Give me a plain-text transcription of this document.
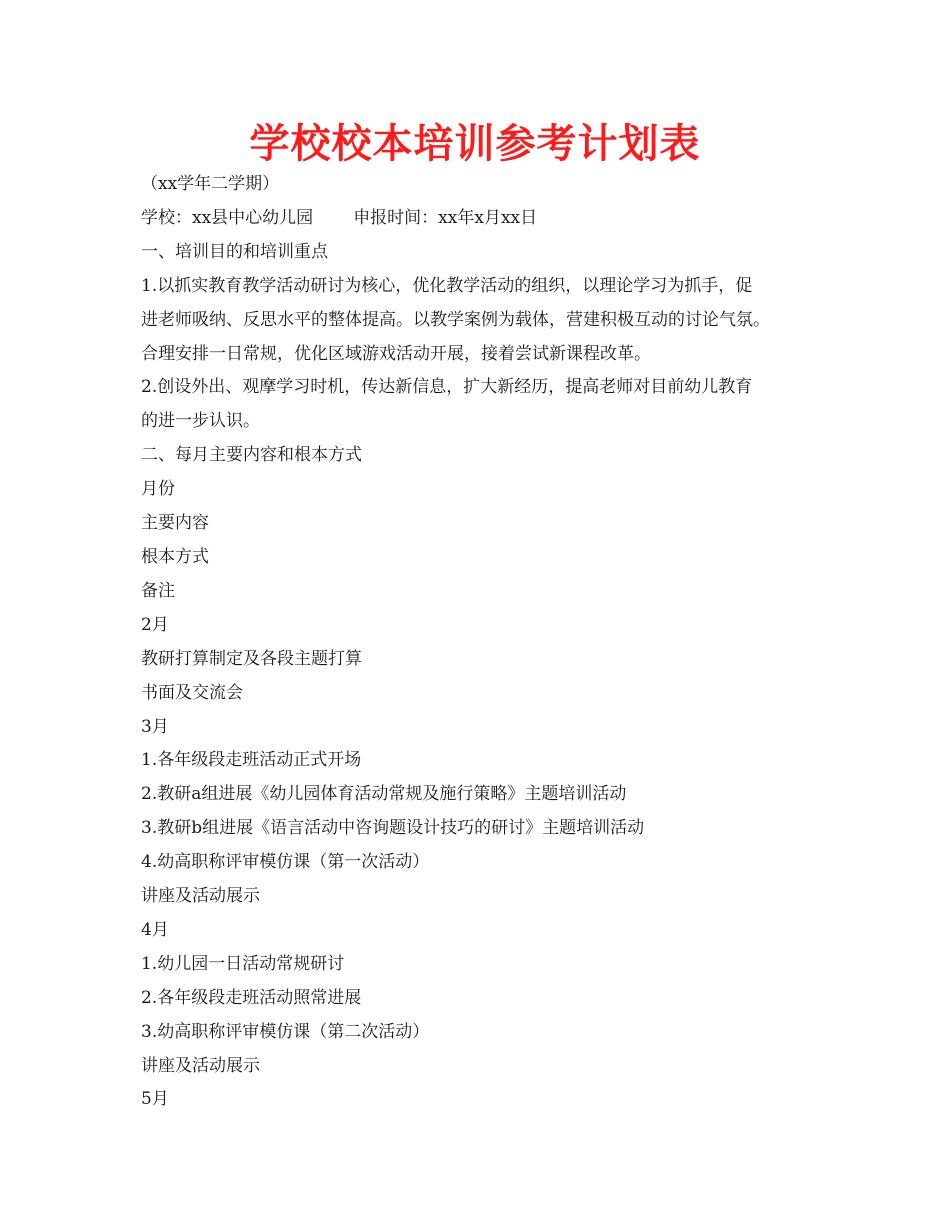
学校校本培训参考计划表

（xx学年二学期）

学校：xx县中心幼儿园 申报时间：xx年x月xx日

一、培训目的和培训重点

1.以抓实教育教学活动研讨为核心，优化教学活动的组织，以理论学习为抓手，促

进老师吸纳、反思水平的整体提高。以教学案例为载体，营建积极互动的讨论气氛。

合理安排一日常规，优化区域游戏活动开展，接着尝试新课程改革。

2.创设外出、观摩学习时机，传达新信息，扩大新经历，提高老师对目前幼儿教育

的进一步认识。

二、每月主要内容和根本方式

月份

主要内容

根本方式

备注

2月

教研打算制定及各段主题打算

书面及交流会

3月

1.各年级段走班活动正式开场

2.教研a组进展《幼儿园体育活动常规及施行策略》主题培训活动

3.教研b组进展《语言活动中咨询题设计技巧的研讨》主题培训活动

4.幼高职称评审模仿课（第一次活动）

讲座及活动展示

4月

1.幼儿园一日活动常规研讨

2.各年级段走班活动照常进展

3.幼高职称评审模仿课（第二次活动）

讲座及活动展示

5月
